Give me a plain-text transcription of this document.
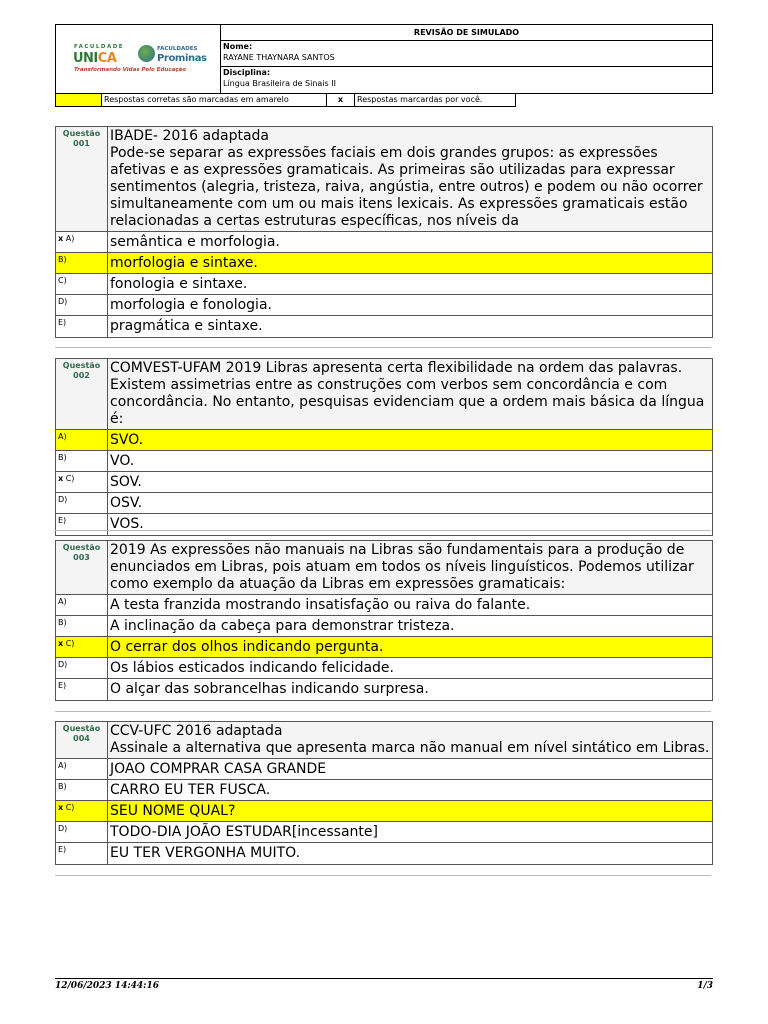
FACULDADE
UNICA
FACULDADES
Prominas
Transformando Vidas Pelo Educação
REVISÃO DE SIMULADO
Nome:
RAYANE THAYNARA SANTOS
Disciplina:
Língua Brasileira de Sinais II
Respostas corretas são marcadas em amarelo	x	Respostas marcardas por você.
Questão
001	IBADE- 2016 adaptada
Pode-se separar as expressões faciais em dois grandes grupos: as expressões afetivas e as expressões gramaticais. As primeiras são utilizadas para expressar sentimentos (alegria, tristeza, raiva, angústia, entre outros) e podem ou não ocorrer simultaneamente com um ou mais itens lexicais. As expressões gramaticais estão relacionadas a certas estruturas específicas, nos níveis da
x A)	semântica e morfologia.
B)	morfologia e sintaxe.
C)	fonologia e sintaxe.
D)	morfologia e fonologia.
E)	pragmática e sintaxe.
Questão
002	COMVEST-UFAM 2019 Libras apresenta certa flexibilidade na ordem das palavras. Existem assimetrias entre as construções com verbos sem concordância e com concordância. No entanto, pesquisas evidenciam que a ordem mais básica da língua é:
A)	SVO.
B)	VO.
x C)	SOV.
D)	OSV.
E)	VOS.
Questão
003	2019 As expressões não manuais na Libras são fundamentais para a produção de enunciados em Libras, pois atuam em todos os níveis linguísticos. Podemos utilizar como exemplo da atuação da Libras em expressões gramaticais:
A)	A testa franzida mostrando insatisfação ou raiva do falante.
B)	A inclinação da cabeça para demonstrar tristeza.
x C)	O cerrar dos olhos indicando pergunta.
D)	Os lábios esticados indicando felicidade.
E)	O alçar das sobrancelhas indicando surpresa.
Questão
004	CCV-UFC 2016 adaptada
Assinale a alternativa que apresenta marca não manual em nível sintático em Libras.
A)	JOAO COMPRAR CASA GRANDE
B)	CARRO EU TER FUSCA.
x C)	SEU NOME QUAL?
D)	TODO-DIA JOÃO ESTUDAR[incessante]
E)	EU TER VERGONHA MUITO.
12/06/2023 14:44:16	1/3
